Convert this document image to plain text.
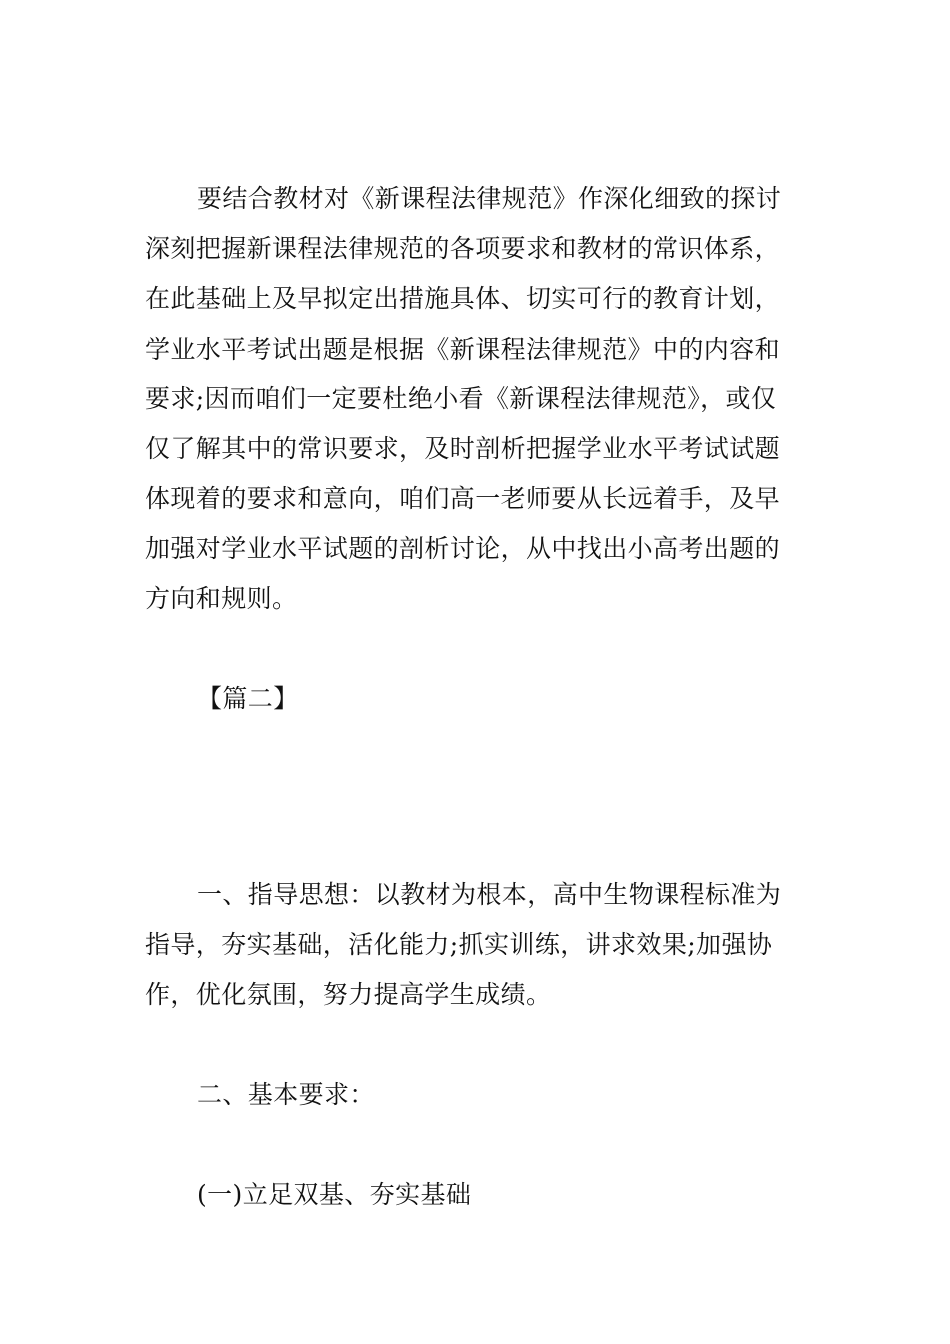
要结合教材对《新课程法律规范》作深化细致的探讨
深刻把握新课程法律规范的各项要求和教材的常识体系，
在此基础上及早拟定出措施具体、切实可行的教育计划，
学业水平考试出题是根据《新课程法律规范》中的内容和
要求;因而咱们一定要杜绝小看《新课程法律规范》，或仅
仅了解其中的常识要求，及时剖析把握学业水平考试试题
体现着的要求和意向，咱们高一老师要从长远着手，及早
加强对学业水平试题的剖析讨论，从中找出小高考出题的
方向和规则。
【篇二】
一、指导思想：以教材为根本，高中生物课程标准为
指导，夯实基础，活化能力;抓实训练，讲求效果;加强协
作，优化氛围，努力提高学生成绩。
二、基本要求：
(一)立足双基、夯实基础
